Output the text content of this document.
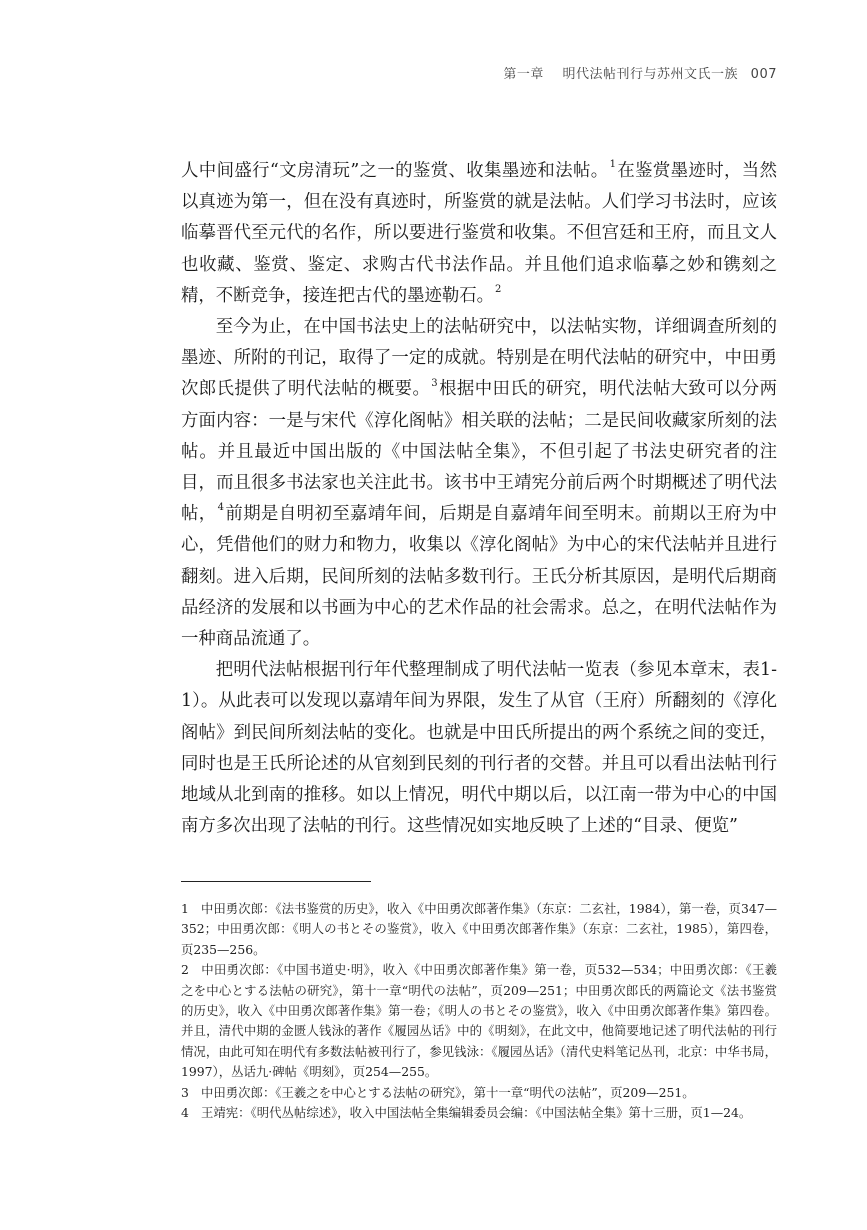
第一章 明代法帖刊行与苏州文氏一族 007

人中间盛行“文房清玩”之一的鉴赏、收集墨迹和法帖。$^1$在鉴赏墨迹时，当然以真迹为第一，但在没有真迹时，所鉴赏的就是法帖。人们学习书法时，应该临摹晋代至元代的名作，所以要进行鉴赏和收集。不但宫廷和王府，而且文人也收藏、鉴赏、鉴定、求购古代书法作品。并且他们追求临摹之妙和镌刻之精，不断竞争，接连把古代的墨迹勒石。$^2$

至今为止，在中国书法史上的法帖研究中，以法帖实物，详细调查所刻的墨迹、所附的刊记，取得了一定的成就。特别是在明代法帖的研究中，中田勇次郎氏提供了明代法帖的概要。$^3$根据中田氏的研究，明代法帖大致可以分两方面内容：一是与宋代《淳化阁帖》相关联的法帖；二是民间收藏家所刻的法帖。并且最近中国出版的《中国法帖全集》，不但引起了书法史研究者的注目，而且很多书法家也关注此书。该书中王靖宪分前后两个时期概述了明代法帖，$^4$前期是自明初至嘉靖年间，后期是自嘉靖年间至明末。前期以王府为中心，凭借他们的财力和物力，收集以《淳化阁帖》为中心的宋代法帖并且进行翻刻。进入后期，民间所刻的法帖多数刊行。王氏分析其原因，是明代后期商品经济的发展和以书画为中心的艺术作品的社会需求。总之，在明代法帖作为一种商品流通了。

把明代法帖根据刊行年代整理制成了明代法帖一览表（参见本章末，表1-1）。从此表可以发现以嘉靖年间为界限，发生了从官（王府）所翻刻的《淳化阁帖》到民间所刻法帖的变化。也就是中田氏所提出的两个系统之间的变迁，同时也是王氏所论述的从官刻到民刻的刊行者的交替。并且可以看出法帖刊行地域从北到南的推移。如以上情况，明代中期以后，以江南一带为中心的中国南方多次出现了法帖的刊行。这些情况如实地反映了上述的“目录、便览”

1 中田勇次郎：《法书鉴赏的历史》，收入《中田勇次郎著作集》（东京：二玄社，1984），第一卷，页347—352；中田勇次郎：《明人の书とその鉴赏》，收入《中田勇次郎著作集》（东京：二玄社，1985），第四卷，页235—256。

2 中田勇次郎：《中国书道史·明》，收入《中田勇次郎著作集》第一卷，页532—534；中田勇次郎：《王羲之を中心とする法帖の研究》，第十一章“明代の法帖”，页209—251；中田勇次郎氏的两篇论文《法书鉴赏的历史》，收入《中田勇次郎著作集》第一卷；《明人の书とその鉴赏》，收入《中田勇次郎著作集》第四卷。并且，清代中期的金匮人钱泳的著作《履园丛话》中的《明刻》，在此文中，他简要地记述了明代法帖的刊行情况，由此可知在明代有多数法帖被刊行了，参见钱泳：《履园丛话》（清代史料笔记丛刊，北京：中华书局，1997），丛话九·碑帖《明刻》，页254—255。

3 中田勇次郎：《王羲之を中心とする法帖の研究》，第十一章“明代の法帖”，页209—251。

4 王靖宪：《明代丛帖综述》，收入中国法帖全集编辑委员会编：《中国法帖全集》第十三册，页1—24。
